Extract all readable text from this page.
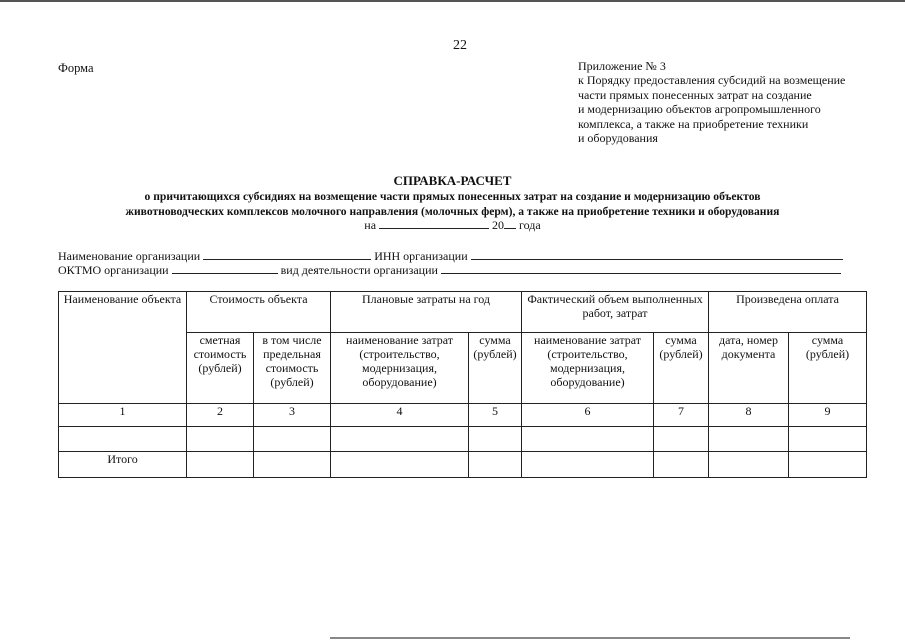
22
Форма	Приложение № 3
к Порядку предоставления субсидий на возмещение
части прямых понесенных затрат на создание
и модернизацию объектов агропромышленного
комплекса, а также на приобретение техники
и оборудования
СПРАВКА-РАСЧЕТ
о причитающихся субсидиях на возмещение части прямых понесенных затрат на создание и модернизацию объектов
животноводческих комплексов молочного направления (молочных ферм), а также на приобретение техники и оборудования
на	20 года
Наименование организации	ИНН организации
ОКТМО организации	вид деятельности организации
Наименование объекта	Стоимость объекта		Плановые затраты на год		Фактический объем выполненных работ, затрат		Произведена оплата	
	сметная стоимость (рублей)	в том числе предельная стоимость (рублей)	наименование затрат (строительство, модернизация, оборудование)	сумма (рублей)	наименование затрат (строительство, модернизация, оборудование)	сумма (рублей)	дата, номер документа	сумма (рублей)
1	2	3	4	5	6	7	8	9

Итого								
